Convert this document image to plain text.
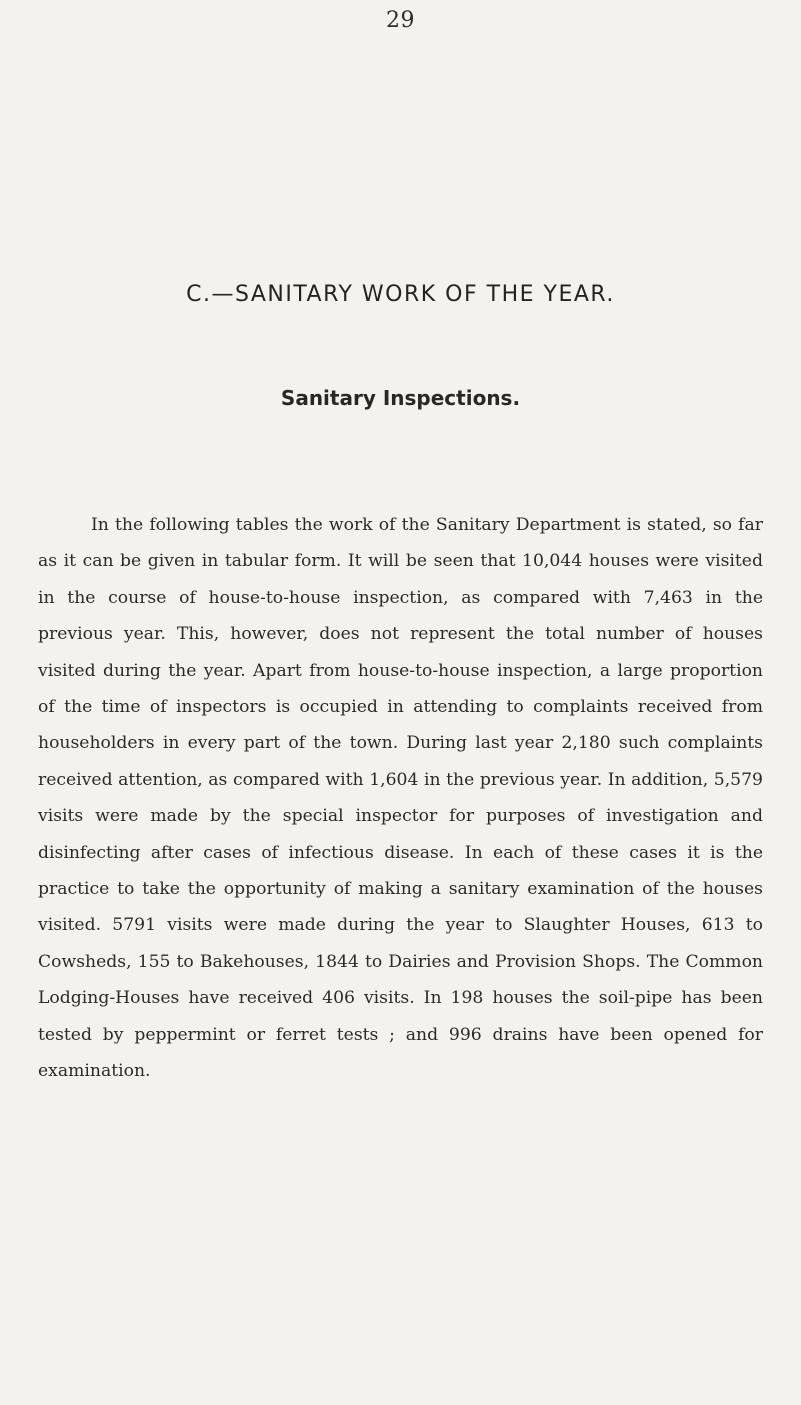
29
C.—SANITARY WORK OF THE YEAR.
Sanitary Inspections.

In the following tables the work of the Sanitary Department is stated, so far as it can be given in tabular form. It will be seen that 10,044 houses were visited in the course of house-to-house inspection, as compared with 7,463 in the previous year. This, however, does not represent the total number of houses visited during the year. Apart from house-to-house inspection, a large proportion of the time of inspectors is occupied in attending to complaints received from householders in every part of the town. During last year 2,180 such complaints received attention, as compared with 1,604 in the previous year. In addition, 5,579 visits were made by the special inspector for purposes of investigation and disinfecting after cases of infectious disease. In each of these cases it is the practice to take the opportunity of making a sanitary examination of the houses visited. 5791 visits were made during the year to Slaughter Houses, 613 to Cowsheds, 155 to Bakehouses, 1844 to Dairies and Provision Shops. The Common Lodging-Houses have received 406 visits. In 198 houses the soil-pipe has been tested by peppermint or ferret tests ; and 996 drains have been opened for examination.
